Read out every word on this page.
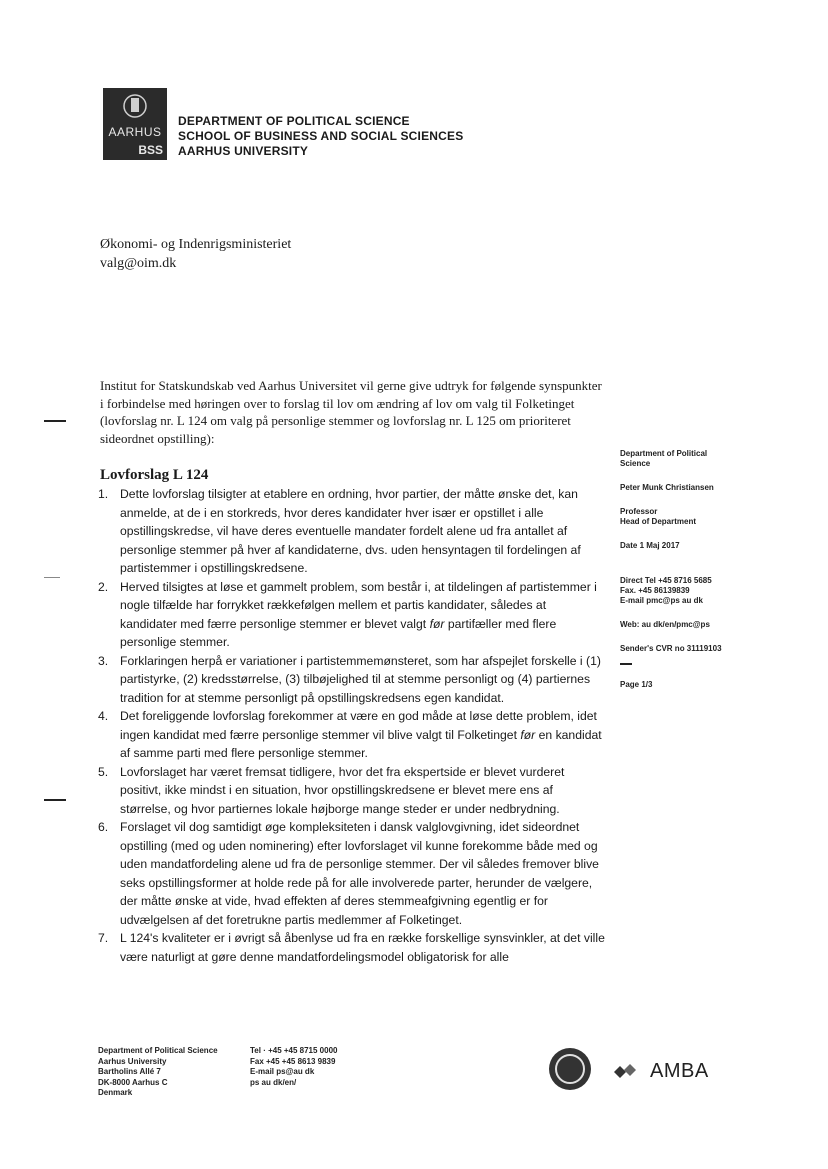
AARHUS
BSS
DEPARTMENT OF POLITICAL SCIENCE
SCHOOL OF BUSINESS AND SOCIAL SCIENCES
AARHUS UNIVERSITY
Økonomi- og Indenrigsministeriet
valg@oim.dk
Institut for Statskundskab ved Aarhus Universitet vil gerne give udtryk for følgende synspunkter i forbindelse med høringen over to forslag til lov om ændring af lov om valg til Folketinget (lovforslag nr. L 124 om valg på personlige stemmer og lovforslag nr. L 125 om prioriteret sideordnet opstilling):
Lovforslag L 124
1. Dette lovforslag tilsigter at etablere en ordning, hvor partier, der måtte ønske det, kan anmelde, at de i en storkreds, hvor deres kandidater hver især er opstillet i alle opstillingskredse, vil have deres eventuelle mandater fordelt alene ud fra antallet af personlige stemmer på hver af kandidaterne, dvs. uden hensyntagen til fordelingen af partistemmer i opstillingskredsene.
2. Herved tilsigtes at løse et gammelt problem, som består i, at tildelingen af partistemmer i nogle tilfælde har forrykket rækkefølgen mellem et partis kandidater, således at kandidater med færre personlige stemmer er blevet valgt før partifæller med flere personlige stemmer.
3. Forklaringen herpå er variationer i partistemmemønsteret, som har afspejlet forskelle i (1) partistyrke, (2) kredsstørrelse, (3) tilbøjelighed til at stemme personligt og (4) partiernes tradition for at stemme personligt på opstillingskredsens egen kandidat.
4. Det foreliggende lovforslag forekommer at være en god måde at løse dette problem, idet ingen kandidat med færre personlige stemmer vil blive valgt til Folketinget før en kandidat af samme parti med flere personlige stemmer.
5. Lovforslaget har været fremsat tidligere, hvor det fra ekspertside er blevet vurderet positivt, ikke mindst i en situation, hvor opstillingskredsene er blevet mere ens af størrelse, og hvor partiernes lokale højborge mange steder er under nedbrydning.
6. Forslaget vil dog samtidigt øge kompleksiteten i dansk valglovgivning, idet sideordnet opstilling (med og uden nominering) efter lovforslaget vil kunne forekomme både med og uden mandatfordeling alene ud fra de personlige stemmer. Der vil således fremover blive seks opstillingsformer at holde rede på for alle involverede parter, herunder de vælgere, der måtte ønske at vide, hvad effekten af deres stemmeafgivning egentlig er for udvælgelsen af det foretrukne partis medlemmer af Folketinget.
7. L 124's kvaliteter er i øvrigt så åbenlyse ud fra en række forskellige synsvinkler, at det ville være naturligt at gøre denne mandatfordelingsmodel obligatorisk for alle
Department of Political
Science
Peter Munk Christiansen
Professor
Head of Department
Date 1 Maj 2017
Direct Tel +45 8716 5685
Fax. +45 86139839
E-mail pmc@ps au dk
Web: au dk/en/pmc@ps
Sender's CVR no 31119103
Page 1/3
Department of Political Science
Aarhus University
Bartholins Allé 7
DK-8000 Aarhus C
Denmark
Tel · +45 +45 8715 0000
Fax +45 +45 8613 9839
E-mail ps@au dk
ps au dk/en/	AMBA
